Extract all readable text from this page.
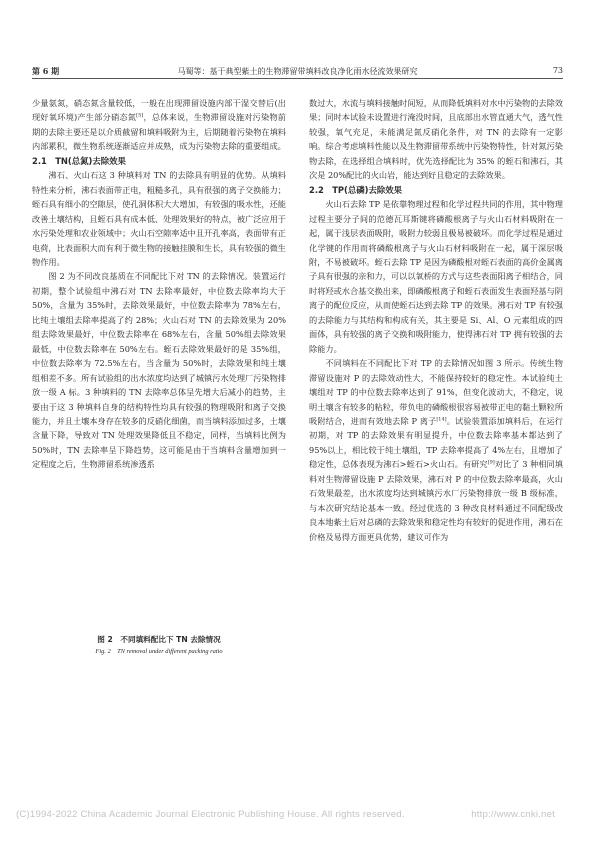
第 6 期	马蜀等：基于典型紫土的生物滞留带填料改良净化雨水径流效果研究	73

少量氨氮，硝态氮含量较低，一般在出现滞留设施内部干湿交替后(出现好氧环境)产生部分硝态氮[5]，总体来说，生物滞留设施对污染物前期的去除主要还是以介质截留和填料吸附为主，后期随着污染物在填料内部累积，微生物系统逐渐适应并成熟，成为污染物去除的重要组成。

2.1　TN(总氮)去除效果

沸石、火山石这 3 种填料对 TN 的去除具有明显的优势。从填料特性来分析，沸石表面带正电，粗糙多孔，具有很强的离子交换能力；蛭石具有细小的空隙层，使孔洞体积大大增加，有较强的吸水性，还能改善土壤结构，且蛭石具有成本低、处理效果好的特点，被广泛应用于水污染处理和农业领域中；火山石空隙率适中且开孔率高，表面带有正电荷，比表面积大而有利于微生物的接触挂膜和生长，具有较强的微生物作用。

图 2 为不同改良基质在不同配比下对 TN 的去除情况。装置运行初期，整个试验组中沸石对 TN 去除率最好，中位数去除率均大于 50%，含量为 35%时，去除效果最好，中位数去除率为 78%左右，比纯土壤组去除率提高了约 28%；火山石对 TN 的去除效果为 20%组去除效果最好，中位数去除率在 68%左右，含量 50%组去除效果最低，中位数去除率在 50%左右。蛭石去除效果最好的是 35%组，中位数去除率为 72.5%左右，当含量为 50%时，去除效果和纯土壤组相差不多。所有试验组的出水浓度均达到了城镇污水处理厂污染物排放一级 A 标。3 种填料的 TN 去除率总体呈先增大后减小的趋势，主要由于这 3 种填料自身的结构特性均具有较强的物理吸附和离子交换能力，并且土壤本身存在较多的反硝化细菌，而当填料添加过多，土壤含量下降，导致对 TN 处理效果降低且不稳定，同样，当填料比例为 50%时，TN 去除率呈下降趋势，这可能是由于当填料含量增加到一定程度之后，生物滞留系统渗透系

图 2　不同填料配比下 TN 去除情况
Fig. 2　TN removal under different packing ratio

数过大，水流与填料接触时间短，从而降低填料对水中污染物的去除效果；同时本试验未设置进行淹没时间，且底部出水管直通大气，透气性较强，氧气充足，未能满足氮反硝化条件，对 TN 的去除有一定影响。综合考虑填料性能以及生物滞留带系统中污染物特性，针对氮污染物去除，在选择组合填料时，优先选择配比为 35% 的蛭石和沸石，其次是 20%配比的火山岩，能达到好且稳定的去除效果。

2.2　TP(总磷)去除效果

火山石去除 TP 是依靠物理过程和化学过程共同的作用，其中物理过程主要分子间的范德瓦耳斯键将磷酸根离子与火山石材料吸附在一起，属于浅层表面吸附，吸附力较弱且极易被破坏。而化学过程是通过化学键的作用而将磷酸根离子与火山石材料吸附在一起，属于深层吸附，不易被破坏。蛭石去除 TP 是因为磷酸根对蛭石表面的高价金属离子具有很强的亲和力，可以以氧桥的方式与这些表面阳离子相结合，同时将羟或水合基交换出来，即磷酸根离子和蛭石表面发生表面羟基与阴离子的配位反应，从而使蛭石达到去除 TP 的效果。沸石对 TP 有较强的去除能力与其结构和构成有关，其主要是 Si、Al、O 元素组成的四面体，具有较强的离子交换和吸附能力，使得沸石对 TP 拥有较强的去除能力。

不同填料在不同配比下对 TP 的去除情况如图 3 所示。传统生物滞留设施对 P 的去除效动性大，不能保持较好的稳定性。本试验纯土壤组对 TP 的中位数去除率达到了 91%，但变化波动大，不稳定，说明土壤含有较多的粘粒，带负电的磷酸根很容易被带正电的黏土颗粒所吸附结合，进而有效地去除 P 离子[14]。试验装置添加填料后，在运行初期，对 TP 的去除效果有明显提升，中位数去除率基本都达到了 95%以上，相比较于纯土壤组，TP 去除率提高了 4%左右，且增加了稳定性，总体表现为沸石>蛭石>火山石。有研究[9]对比了 3 种相同填料对生物滞留设施 P 去除效果，沸石对 P 的中位数去除率最高，火山石效果最差，出水浓度均达到城镇污水厂污染物排放一级 B 级标准，与本次研究结论基本一致。经过优选的 3 种改良材料通过不同配级改良本地紫土后对总磷的去除效果和稳定性均有较好的促进作用，沸石在价格及易得方面更具优势，建议可作为

(C)1994-2022 China Academic Journal Electronic Publishing House. All rights reserved.	http://www.cnki.net
